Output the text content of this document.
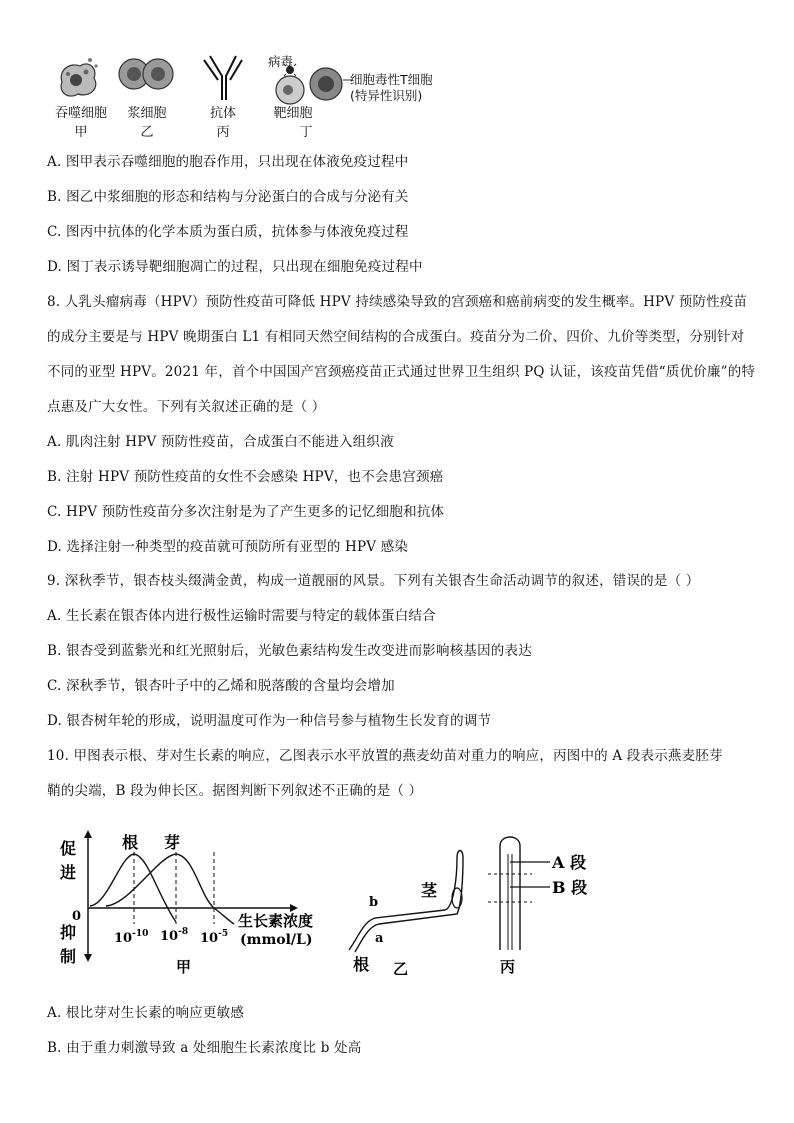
吞噬细胞
甲
浆细胞
乙
抗体
丙
靶细胞
丁
病毒
细胞毒性T细胞
(特异性识别)
A. 图甲表示吞噬细胞的胞吞作用，只出现在体液免疫过程中
B. 图乙中浆细胞的形态和结构与分泌蛋白的合成与分泌有关
C. 图丙中抗体的化学本质为蛋白质，抗体参与体液免疫过程
D. 图丁表示诱导靶细胞凋亡的过程，只出现在细胞免疫过程中
8. 人乳头瘤病毒（HPV）预防性疫苗可降低 HPV 持续感染导致的宫颈癌和癌前病变的发生概率。HPV 预防性疫苗
的成分主要是与 HPV 晚期蛋白 L1 有相同天然空间结构的合成蛋白。疫苗分为二价、四价、九价等类型，分别针对
不同的亚型 HPV。2021 年，首个中国国产宫颈癌疫苗正式通过世界卫生组织 PQ 认证，该疫苗凭借“质优价廉”的特
点惠及广大女性。下列有关叙述正确的是（ ）
A. 肌肉注射 HPV 预防性疫苗，合成蛋白不能进入组织液
B. 注射 HPV 预防性疫苗的女性不会感染 HPV，也不会患宫颈癌
C. HPV 预防性疫苗分多次注射是为了产生更多的记忆细胞和抗体
D. 选择注射一种类型的疫苗就可预防所有亚型的 HPV 感染
9. 深秋季节，银杏枝头缀满金黄，构成一道靓丽的风景。下列有关银杏生命活动调节的叙述，错误的是（ ）
A. 生长素在银杏体内进行极性运输时需要与特定的载体蛋白结合
B. 银杏受到蓝紫光和红光照射后，光敏色素结构发生改变进而影响核基因的表达
C. 深秋季节，银杏叶子中的乙烯和脱落酸的含量均会增加
D. 银杏树年轮的形成，说明温度可作为一种信号参与植物生长发育的调节
10. 甲图表示根、芽对生长素的响应，乙图表示水平放置的燕麦幼苗对重力的响应，丙图中的 A 段表示燕麦胚芽
鞘的尖端，B 段为伸长区。据图判断下列叙述不正确的是（ ）
促
进
0
抑
制
根 芽
生长素浓度
(mmol/L)
$10^{-10}$ $10^{-8}$ $10^{-5}$
甲
茎
b
a
根 乙
A 段
B 段
丙
A. 根比芽对生长素的响应更敏感
B. 由于重力刺激导致 a 处细胞生长素浓度比 b 处高
